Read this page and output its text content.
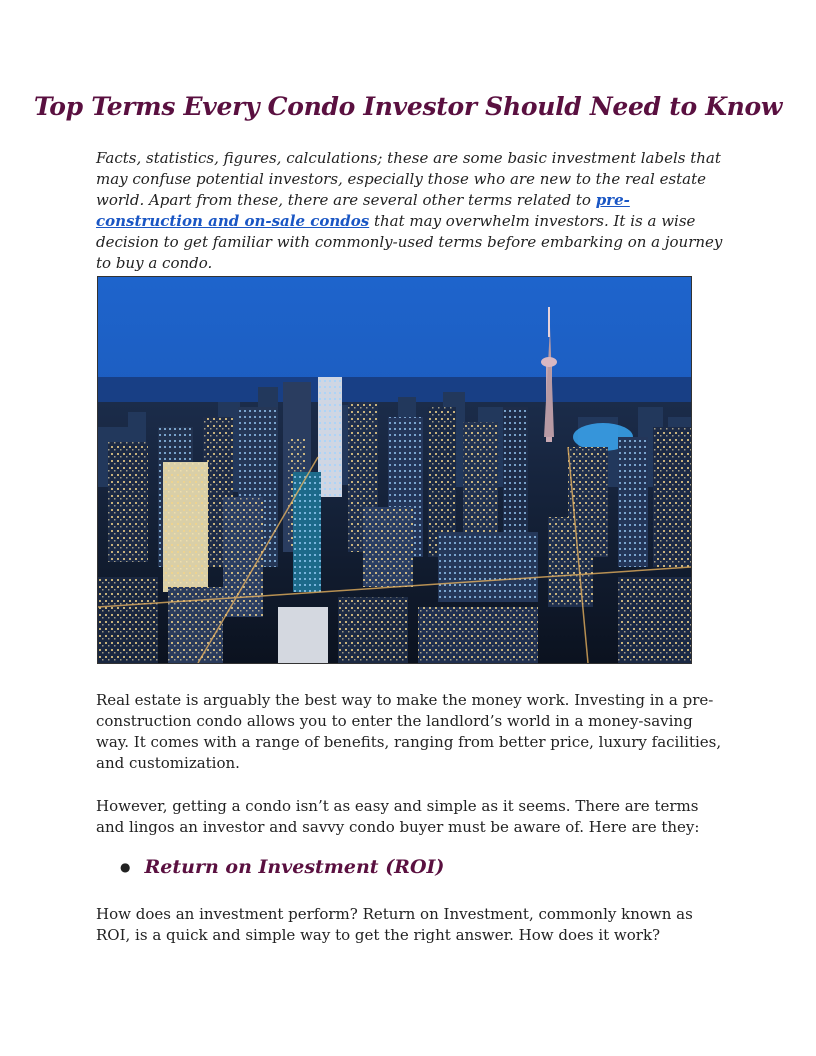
Top Terms Every Condo Investor Should Need to Know

Facts, statistics, figures, calculations; these are some basic investment labels that may confuse potential investors, especially those who are new to the real estate world. Apart from these, there are several other terms related to pre-construction and on-sale condos that may overwhelm investors. It is a wise decision to get familiar with commonly-used terms before embarking on a journey to buy a condo.

Real estate is arguably the best way to make the money work. Investing in a pre-construction condo allows you to enter the landlord’s world in a money-saving way. It comes with a range of benefits, ranging from better price, luxury facilities, and customization.

However, getting a condo isn’t as easy and simple as it seems. There are terms and lingos an investor and savvy condo buyer must be aware of. Here are they:

● Return on Investment (ROI)

How does an investment perform? Return on Investment, commonly known as ROI, is a quick and simple way to get the right answer. How does it work?
